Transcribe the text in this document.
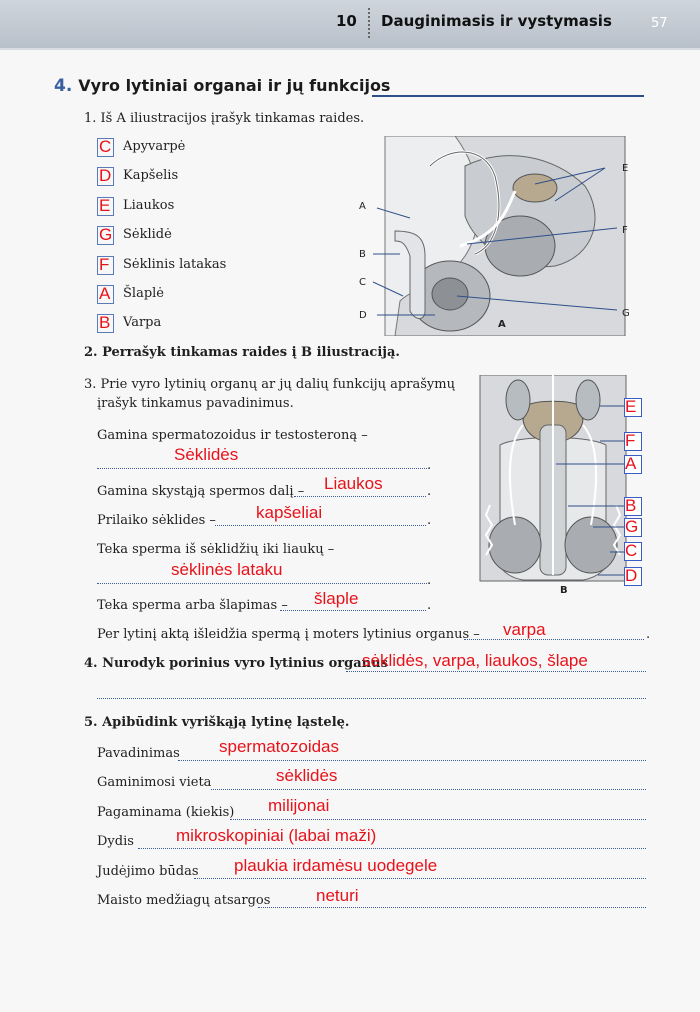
10 Dauginimasis ir vystymasis	57
4. Vyro lytiniai organai ir jų funkcijos
1. Iš A iliustracijos įrašyk tinkamas raides.
C Apyvarpė
D Kapšelis
E Liaukos
G Sėklidė
F Sėklinis latakas
A Šlaplė
B Varpa
A
B
C
D
E
F
G
A
2. Perrašyk tinkamas raides į B iliustraciją.
3. Prie vyro lytinių organų ar jų dalių funkcijų aprašymų
įrašyk tinkamus pavadinimus.
Gamina spermatozoidus ir testosteroną –
.
Sėklidės
Gamina skystąją spermos dalį –	.
Liaukos
Prilaiko sėklides –	.
kapšeliai
Teka sperma iš sėklidžių iki liaukų –
.
sėklinės lataku
Teka sperma arba šlapimas –	.
šlaple
Per lytinį aktą išleidžia spermą į moters lytinius organus –	.
varpa
B
E
F
A
B
G
C
D
4. Nurodyk porinius vyro lytinius organus
sėklidės, varpa, liaukos, šlape
5. Apibūdink vyriškąją lytinę ląstelę.
Pavadinimas spermatozoidas
Gaminimosi vieta	sėklidės
Pagaminama (kiekis) milijonai
Dydis mikroskopiniai (labai maži)
Judėjimo būdas plaukia irdamėsu uodegele
Maisto medžiagų atsargos	neturi
